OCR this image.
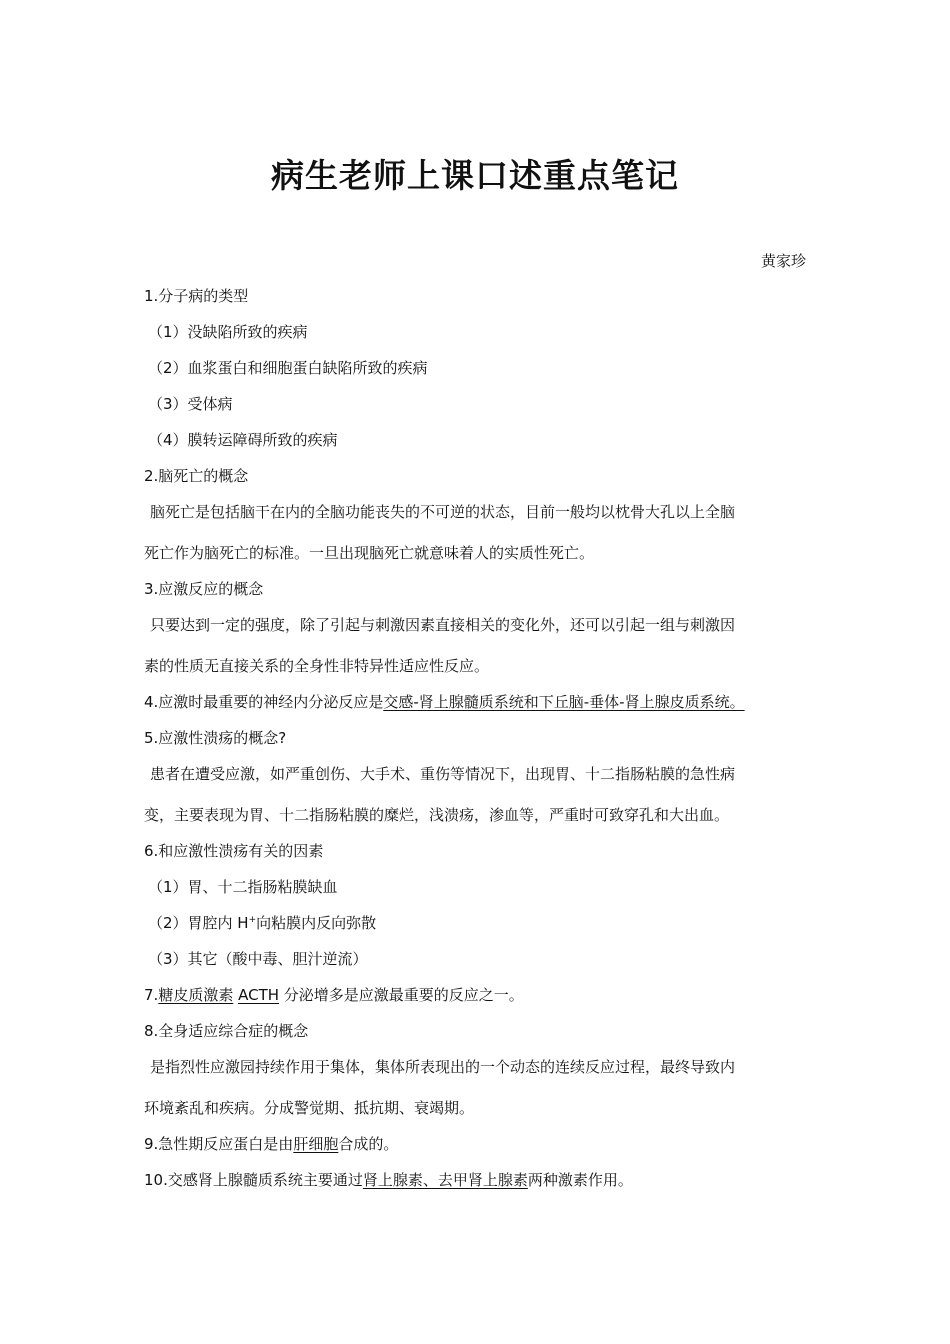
病生老师上课口述重点笔记
黄家珍
1.分子病的类型
（1）没缺陷所致的疾病
（2）血浆蛋白和细胞蛋白缺陷所致的疾病
（3）受体病
（4）膜转运障碍所致的疾病
2.脑死亡的概念
脑死亡是包括脑干在内的全脑功能丧失的不可逆的状态，目前一般均以枕骨大孔以上全脑
死亡作为脑死亡的标准。一旦出现脑死亡就意味着人的实质性死亡。
3.应激反应的概念
只要达到一定的强度，除了引起与刺激因素直接相关的变化外，还可以引起一组与刺激因
素的性质无直接关系的全身性非特异性适应性反应。
4.应激时最重要的神经内分泌反应是交感-肾上腺髓质系统和下丘脑-垂体-肾上腺皮质系统。
5.应激性溃疡的概念?
患者在遭受应激，如严重创伤、大手术、重伤等情况下，出现胃、十二指肠粘膜的急性病
变，主要表现为胃、十二指肠粘膜的糜烂，浅溃疡，渗血等，严重时可致穿孔和大出血。
6.和应激性溃疡有关的因素
（1）胃、十二指肠粘膜缺血
（2）胃腔内 H+向粘膜内反向弥散
（3）其它（酸中毒、胆汁逆流）
7.糖皮质激素 ACTH 分泌增多是应激最重要的反应之一。
8.全身适应综合症的概念
是指烈性应激园持续作用于集体，集体所表现出的一个动态的连续反应过程，最终导致内
环境紊乱和疾病。分成警觉期、抵抗期、衰竭期。
9.急性期反应蛋白是由肝细胞合成的。
10.交感肾上腺髓质系统主要通过肾上腺素、去甲肾上腺素两种激素作用。
